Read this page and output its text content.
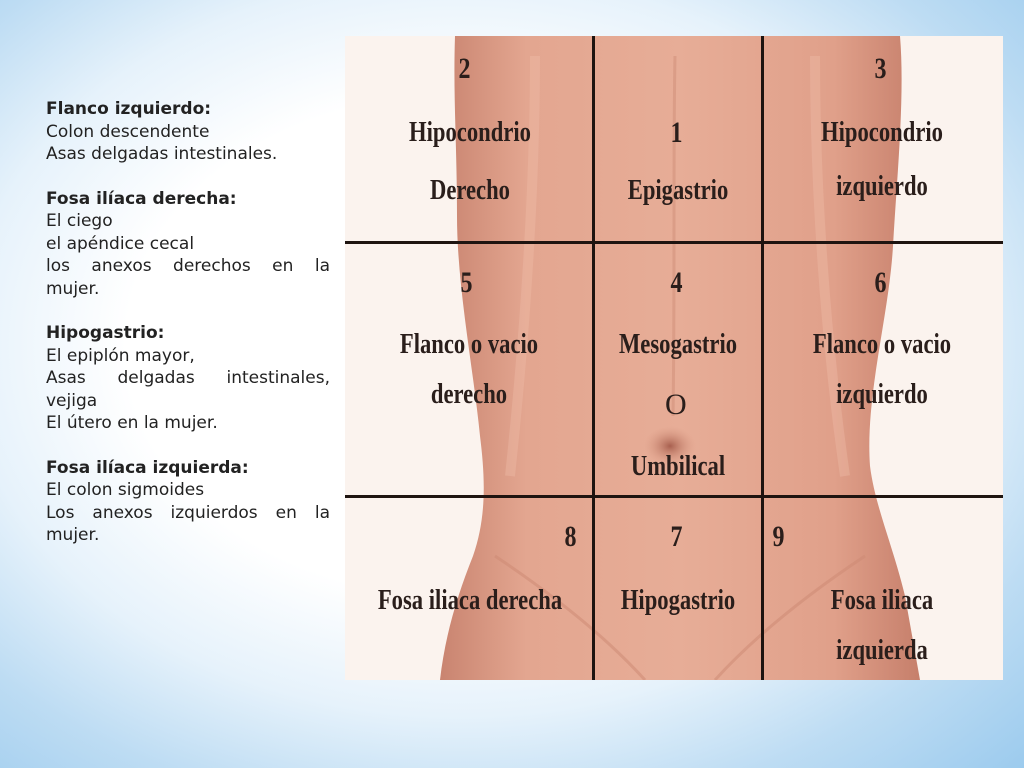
Flanco izquierdo:
Colon descendente
Asas delgadas intestinales.
Fosa ilíaca derecha:
El ciego
el apéndice cecal
los anexos derechos en la
mujer.
Hipogastrio:
El epiplón mayor,
Asas delgadas intestinales,
vejiga
El útero en la mujer.
Fosa ilíaca izquierda:
El colon sigmoides
Los anexos izquierdos en la
mujer.
2
Hipocondrio
Derecho
1
Epigastrio
3
Hipocondrio
izquierdo
5
Flanco o vacio
derecho
4
Mesogastrio
O
Umbilical
6
Flanco o vacio
izquierdo
8
Fosa iliaca derecha
7
Hipogastrio
9
Fosa iliaca
izquierda
